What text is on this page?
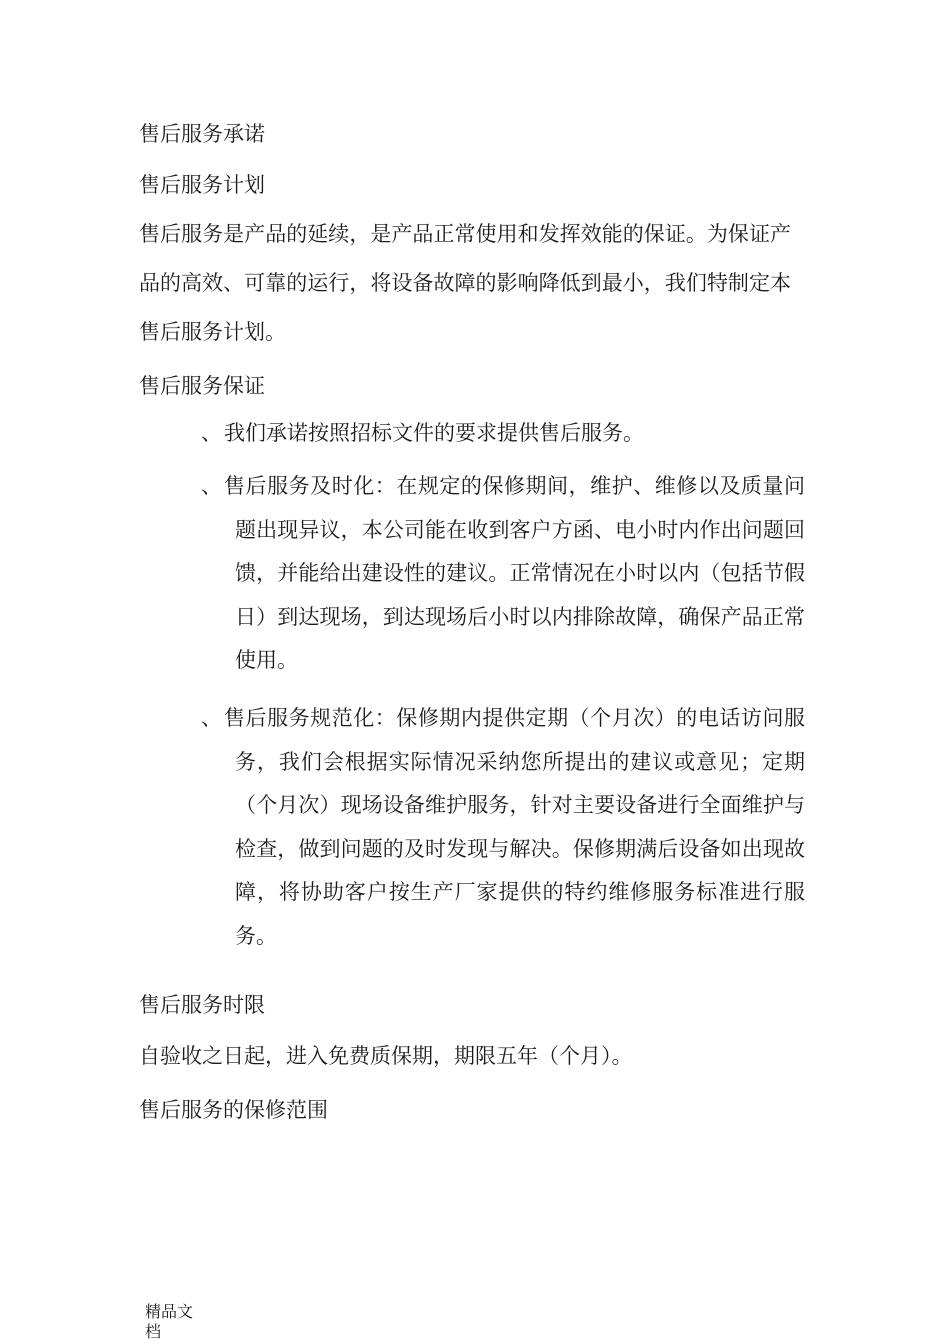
售后服务承诺
售后服务计划
售后服务是产品的延续，是产品正常使用和发挥效能的保证。为保证产品的高效、可靠的运行，将设备故障的影响降低到最小，我们特制定本售后服务计划。
售后服务保证
、 我们承诺按照招标文件的要求提供售后服务。
、 售后服务及时化：在规定的保修期间，维护、维修以及质量问题出现异议，本公司能在收到客户方函、电小时内作出问题回馈，并能给出建设性的建议。正常情况在小时以内（包括节假日）到达现场，到达现场后小时以内排除故障，确保产品正常使用。
、 售后服务规范化：保修期内提供定期（个月次）的电话访问服务，我们会根据实际情况采纳您所提出的建议或意见；定期（个月次）现场设备维护服务，针对主要设备进行全面维护与检查，做到问题的及时发现与解决。保修期满后设备如出现故障，将协助客户按生产厂家提供的特约维修服务标准进行服务。
售后服务时限
自验收之日起，进入免费质保期，期限五年（个月）。
售后服务的保修范围
精品文档
